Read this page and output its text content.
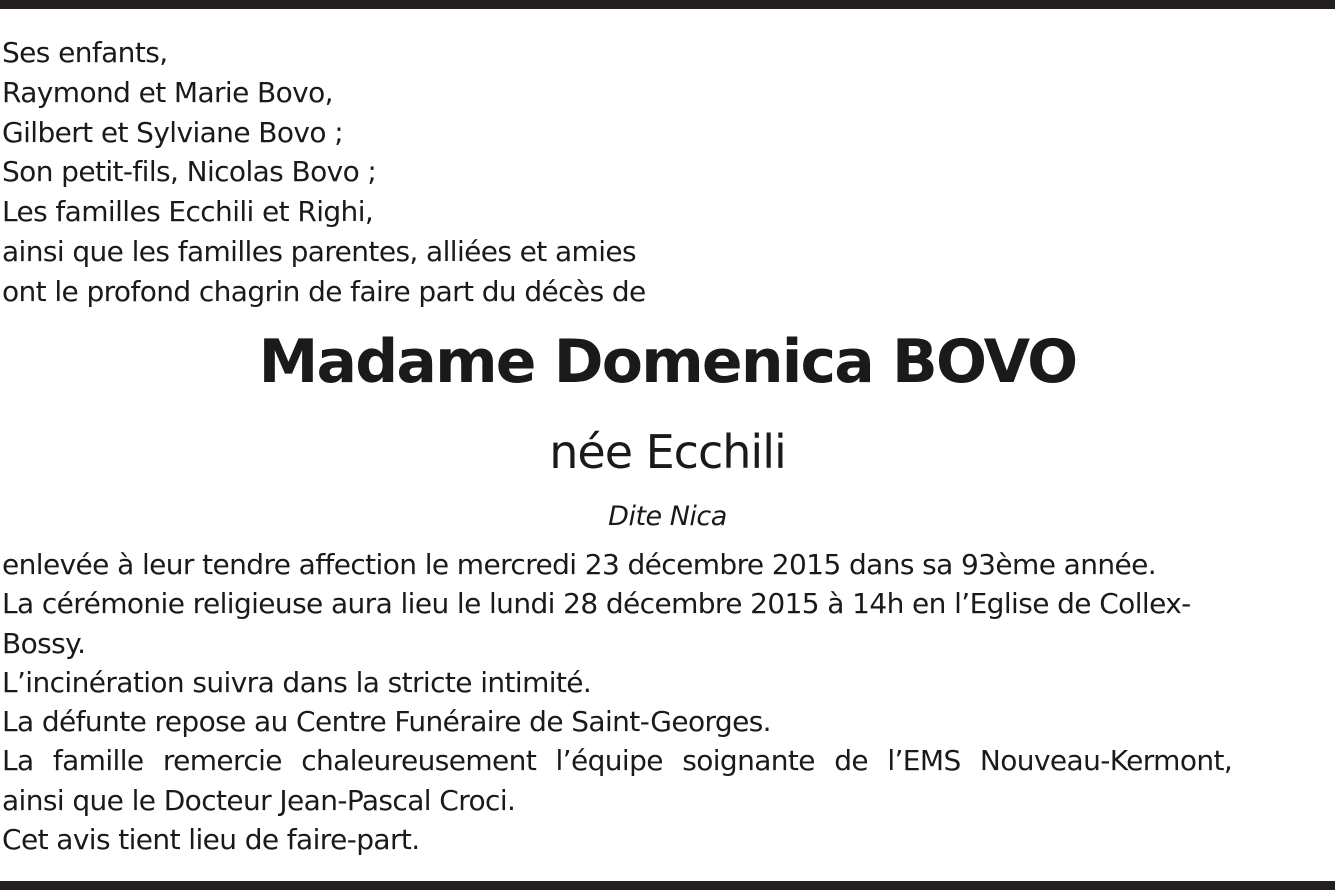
Ses enfants,
Raymond et Marie Bovo,
Gilbert et Sylviane Bovo ;
Son petit-fils, Nicolas Bovo ;
Les familles Ecchili et Righi,
ainsi que les familles parentes, alliées et amies
ont le profond chagrin de faire part du décès de
Madame Domenica BOVO
née Ecchili
Dite Nica
enlevée à leur tendre affection le mercredi 23 décembre 2015 dans sa 93ème année.
La cérémonie religieuse aura lieu le lundi 28 décembre 2015 à 14h en l’Eglise de Collex-
Bossy.
L’incinération suivra dans la stricte intimité.
La défunte repose au Centre Funéraire de Saint-Georges.
La famille remercie chaleureusement l’équipe soignante de l’EMS Nouveau-Kermont,
ainsi que le Docteur Jean-Pascal Croci.
Cet avis tient lieu de faire-part.
